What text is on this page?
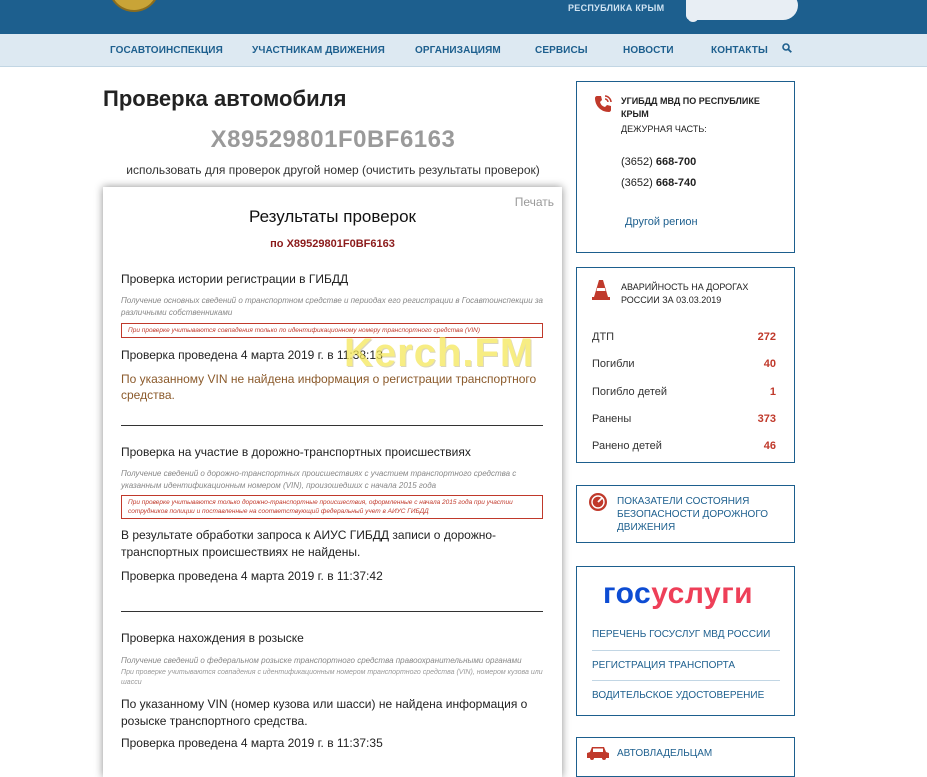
РЕСПУБЛИКА КРЫМ
ГОСАВТОИНСПЕКЦИЯ	УЧАСТНИКАМ ДВИЖЕНИЯ	ОРГАНИЗАЦИЯМ	СЕРВИСЫ	НОВОСТИ	КОНТАКТЫ
Проверка автомобиля
X89529801F0BF6163
использовать для проверок другой номер (очистить результаты проверок)
Печать
Результаты проверок
по X89529801F0BF6163
Проверка истории регистрации в ГИБДД
Получение основных сведений о транспортном средстве и периодах его регистрации в Госавтоинспекции за различными собственниками
При проверке учитываются совпадения только по идентификационному номеру транспортного средства (VIN)
Проверка проведена 4 марта 2019 г. в 11:38:13
По указанному VIN не найдена информация о регистрации транспортного средства.
Проверка на участие в дорожно-транспортных происшествиях
Получение сведений о дорожно-транспортных происшествиях с участием транспортного средства с указанным идентификационным номером (VIN), произошедших с начала 2015 года
При проверке учитываются только дорожно-транспортные происшествия, оформленные с начала 2015 года при участии сотрудников полиции и поставленные на соответствующий федеральный учет в АИУС ГИБДД
В результате обработки запроса к АИУС ГИБДД записи о дорожно-транспортных происшествиях не найдены.
Проверка проведена 4 марта 2019 г. в 11:37:42
Проверка нахождения в розыске
Получение сведений о федеральном розыске транспортного средства правоохранительными органами
При проверке учитываются совпадения с идентификационным номером транспортного средства (VIN), номером кузова или шасси
По указанному VIN (номер кузова или шасси) не найдена информация о розыске транспортного средства.
Проверка проведена 4 марта 2019 г. в 11:37:35
Kerch.FM
УГИБДД МВД ПО РЕСПУБЛИКЕ КРЫМ
ДЕЖУРНАЯ ЧАСТЬ:
(3652) 668-700
(3652) 668-740
Другой регион
АВАРИЙНОСТЬ НА ДОРОГАХ РОССИИ ЗА 03.03.2019
ДТП	272
Погибли	40
Погибло детей	1
Ранены	373
Ранено детей	46
ПОКАЗАТЕЛИ СОСТОЯНИЯ БЕЗОПАСНОСТИ ДОРОЖНОГО ДВИЖЕНИЯ
госуслуги
ПЕРЕЧЕНЬ ГОСУСЛУГ МВД РОССИИ
РЕГИСТРАЦИЯ ТРАНСПОРТА
ВОДИТЕЛЬСКОЕ УДОСТОВЕРЕНИЕ
АВТОВЛАДЕЛЬЦАМ
